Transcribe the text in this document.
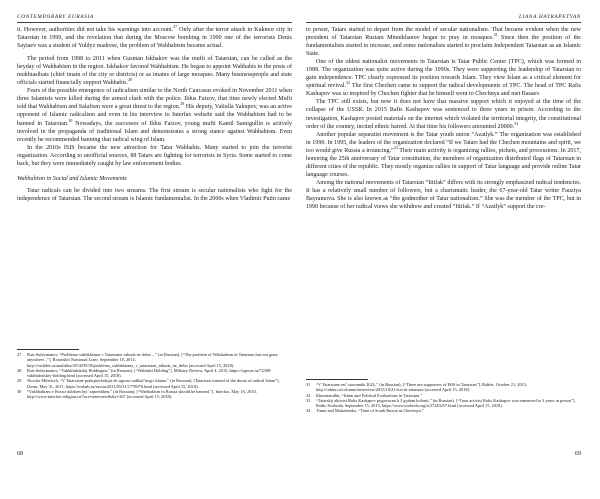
CONTEMPORARY EURASIA

it. However, authorities did not take his warnings into account.$^{27}$ Only after the terror attack in Kukmor city in Tatarstan in 1999, and the revelation that during the Moscow bombing in 1990 one of the terrorists Denis Saytaev was a student of Yoldyz madrese, the problem of Wahhabism became actual.

The period from 1998 to 2011 when Gusman Iskhakov was the mufti of Tatarstan, can be called as the heyday of Wahhabism in the region. Iskhakov favored Wahhabism. He began to appoint Wahhabis to the posts of mukhtasibats (chief imam of the city or districts) or as imams of large mosques. Many businesspeople and state officials started financially support Wahhabis.$^{28}$

Fears of the possible emergence of radicalism similar to the North Caucasus evoked in November 2011 when three Islamists were killed during the armed clash with the police. Ildus Faizov, that time newly elected Mufti told that Wahhabism and Salafism were a great threat to the region.$^{29}$ His deputy, Valiulla Yakupov, was an active opponent of Islamic radicalism and even in his interview to Interfax website said the Wahhabism had to be banned in Tatarstan.$^{30}$ Nowadays, the successor of Ildus Faizov, young mufti Kamil Samigullin is actively involved in the propaganda of traditional Islam and demonstrates a strong stance against Wahhabism. Even recently he recommended banning that radical wing of Islam.

In the 2010s ISIS became the new attraction for Tatar Wahhabis. Many started to join the terrorist organization. According to unofficial sources, 88 Tatars are fighting for terrorists in Syria. Some started to come back, but they were immediately caught by law enforcement bodies.

Wahhabism in Social and Islamic Movements

Tatar radicals can be divided into two streams. The first stream is secular nationalists who fight for the independence of Tatarstan. The second stream is Islamic fundamentalist. In the 2000s when Vladimir Putin came

27	Rais Suleymanov, “Problema vakhkhizma v Tatarstane rukoda ne delas ...” (in Russian), [“The problem of Wahhabism in Tatarstan has not gone anywhere...”], Rossiiskii Natsional Lizer, September 18, 2014, http://ruslider.ru/analitika/2014/09/18/problema_vakhkhizma_v_tatarstane_nikuda_ne_delas (accessed April 15, 2018).
28	Rais Suleymanov, “Vakhkhabitskij Holdingen,” (in Russian), [“Wahhabi Holding”], Military Review, April 4, 2015, https://topwar.ru/72308-vakhhabitskiy-holding.html (accessed April 15, 2018).
29	Nicolas Miletisch, “V Tatarstane prakqtrechdajut ob ugroze radikal’nogo islama,” (in Russian), [Tatarstan warned of the threat of radical Islam”], Dosm, May 31, 2011, https://rosbalt.ru/russia/2011/05/31/1778076.html (accessed April 15, 2018).
30	“Vakhhabizm v Rossii dolzhen byt’ zapreshhen,” (in Russian), [“Wahhabism in Russia should be banned.”], Interfax, May 16, 2010, http://www.interfax-religion.ru/?act=interview&div=267 (accessed April 15, 2018).
68
LIANA HAYRAPETYAN

to power, Tatars started to depart from the model of secular nationalism. That became evident when the new president of Tatarstan Rustam Minnikhanov began to pray in mosques.$^{31}$ Since then the position of the fundamentalists started to increase, and some nationalists started to proclaim Independent Tatarstan as an Islamic State.

One of the oldest nationalist movements in Tatarstan is Tatar Public Center (TPC), which was formed in 1988. The organization was quite active during the 1990s. They were supporting the leadership of Tatarstan to gain independence. TPC clearly expressed its position towards Islam. They view Islam as a critical element for spiritual revival.$^{32}$ The first Chechen came to support the radical developments of TPC. The head of TPC Rafis Kashapov was so inspired by Chechen fighter that he himself went to Chechnya and met Basaev.

The TPC still exists, but now it does not have that massive support which it enjoyed at the time of the collapse of the USSR. In 2015 Rafis Kashapov was sentenced to three years in prison. According to the investigation, Kashapov posted materials on the internet which violated the territorial integrity, the constitutional order of the country, incited ethnic hatred. At that time his followers amounted 20000.33

Another popular separatist movement is the Tatar youth union “Azatlyk.” The organization was established in 1990. In 1995, the leaders of the organization declared “If we Tatars had the Chechen mountains and spirit, we too would give Russia a trouncing.”$^{34}$ Their main activity is organizing rallies, pickets, and processions. In 2017, honoring the 25th anniversary of Tatar constitution, the members of organization distributed flags of Tatarstan in different cities of the republic. They mostly organize rallies in support of Tatar language and provide online Tatar language courses.

Among the national movements of Tatarstan “Ittifak” differs with its strongly emphasized radical tendencies. It has a relatively small number of followers, but a charismatic leader, the 67-year-old Tatar writer Fauziya Bayramova. She is also known as “the godmother of Tatar nationalism.” She was the member of the TPC, but in 1990 because of her radical views she withdrew and created “Ittifak.” If “Azatlyk” support the cre-

31	“V Tatarstane est’ storonniki IGIL,” (in Russian), [“There are supporters of ISIS in Tatarstan”], Rabler, October 21, 2015, http://rabler.ru/columns/interview/2015/10/21/isis-in-tatarstan (accessed April 15, 2018).
32	Khurmatullin, “Islam and Political Evaluations in Tatarstan.”
33	“Tatarskij aktivist Rafis Kashapov prigovoren k 3 godam kolonii,” (in Russian), [“Tatar activist Rafis Kashapov was sentenced to 3 years in prison”], Radio Svoboda, September 15, 2015, https://www.svoboda.org/a/27249257.html (accessed April 15, 2018).
34	Tinmi and Malashenko, “Time of South Russia in Chechnya.”
69
